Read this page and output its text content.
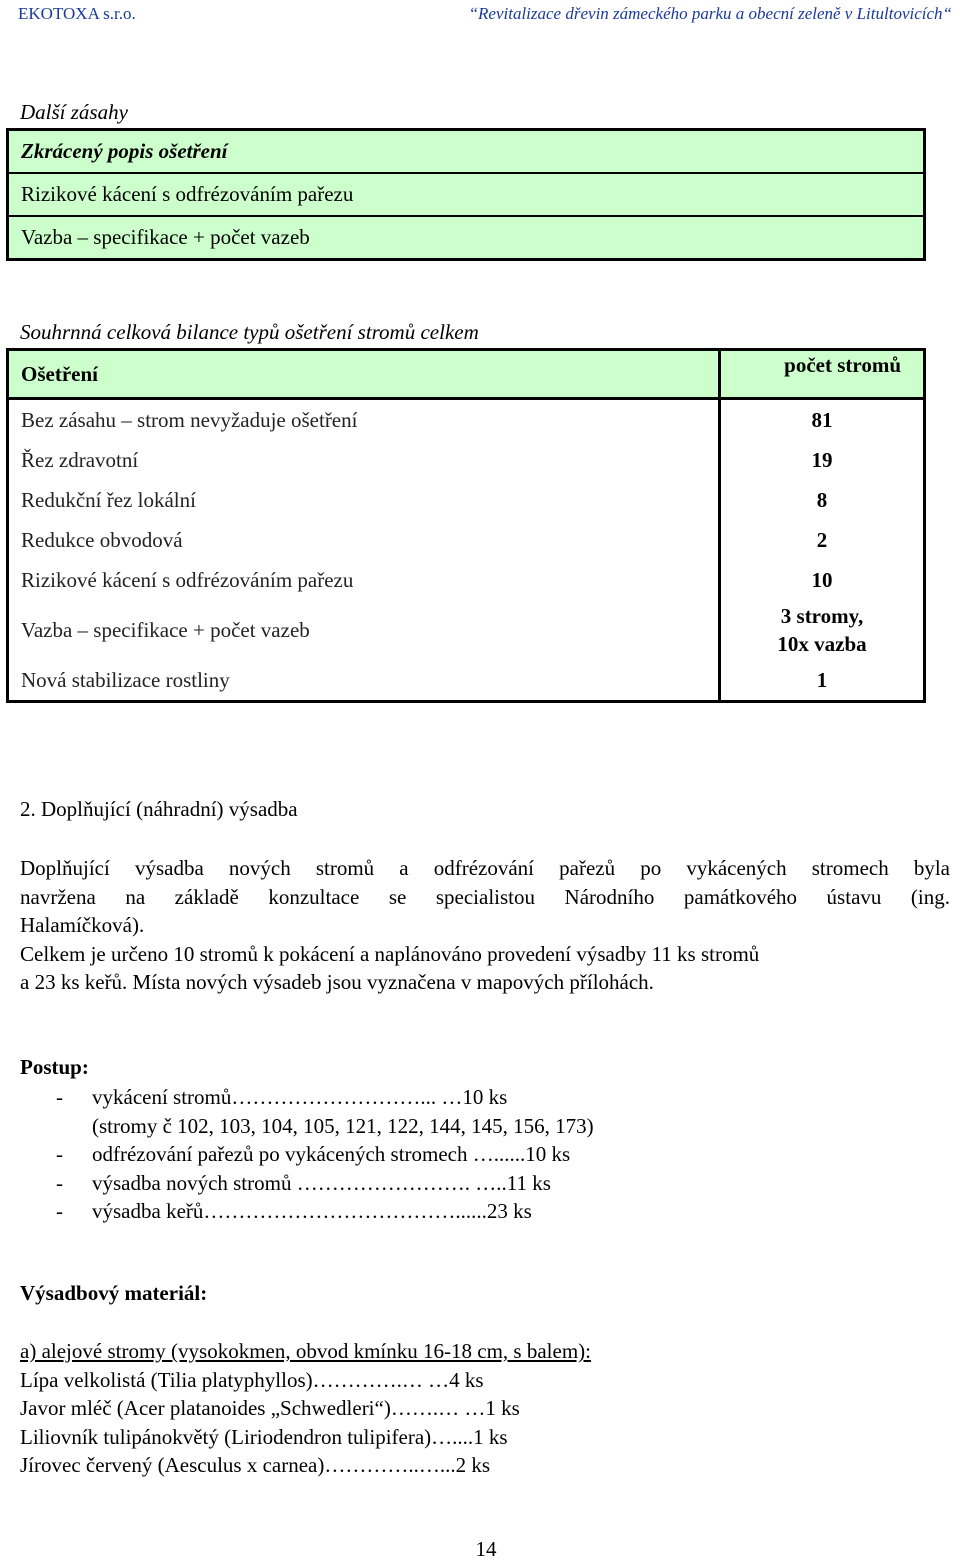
EKOTOXA s.r.o.	“Revitalizace dřevin zámeckého parku a obecní zeleně v Litultovicích“
Další zásahy
Zkrácený popis ošetření
Rizikové kácení s odfrézováním pařezu
Vazba – specifikace + počet vazeb
Souhrnná celková bilance typů ošetření stromů celkem
Ošetření	počet stromů
Bez zásahu – strom nevyžaduje ošetření	81
Řez zdravotní	19
Redukční řez lokální	8
Redukce obvodová	2
Rizikové kácení s odfrézováním pařezu	10
Vazba – specifikace + počet vazeb	3 stromy,
10x vazba

Nová stabilizace rostliny	1
2. Doplňující (náhradní) výsadba
Doplňující výsadba nových stromů a odfrézování pařezů po vykácených stromech byla
navržena na základě konzultace se specialistou Národního památkového ústavu (ing.
Halamíčková).
Celkem je určeno 10 stromů k pokácení a naplánováno provedení výsadby 11 ks stromů
a 23 ks keřů. Místa nových výsadeb jsou vyznačena v mapových přílohách.
Postup:
-	vykácení stromů………………………... …10 ks
(stromy č 102, 103, 104, 105, 121, 122, 144, 145, 156, 173)
-	odfrézování pařezů po vykácených stromech …......10 ks
-	výsadba nových stromů ……………………. …..11 ks
-	výsadba keřů………………………………......23 ks
Výsadbový materiál:
a) alejové stromy (vysokokmen, obvod kmínku 16-18 cm, s balem):
Lípa velkolistá (Tilia platyphyllos)………….… …4 ks
Javor mléč (Acer platanoides „Schwedleri“)…….… …1 ks
Liliovník tulipánokvětý (Liriodendron tulipifera)…....1 ks
Jírovec červený (Aesculus x carnea)…………..…...2 ks
14
